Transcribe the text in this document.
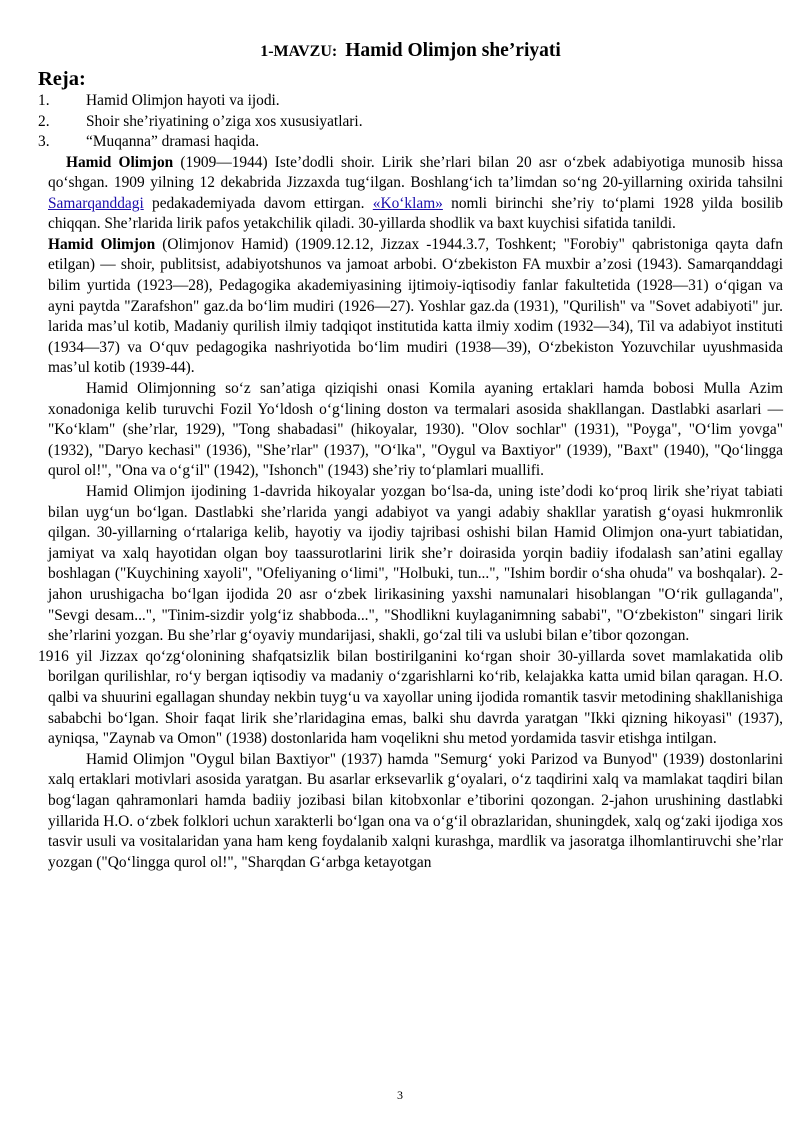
1-MAVZU: Hamid Olimjon she’riyati

Reja:

1.	Hamid Olimjon hayoti va ijodi.
2.	Shoir she’riyatining o’ziga xos xususiyatlari.
3.	“Muqanna” dramasi haqida.

Hamid Olimjon (1909—1944) Iste’dodli shoir. Lirik she’rlari bilan 20 asr o‘zbek adabiyotiga munosib hissa qo‘shgan. 1909 yilning 12 dekabrida Jizzaxda tug‘ilgan. Boshlang‘ich ta’limdan so‘ng 20-yillarning oxirida tahsilni Samarqanddagi pedakademiyada davom ettirgan. «Ko‘klam» nomli birinchi she’riy to‘plami 1928 yilda bosilib chiqqan. She’rlarida lirik pafos yetakchilik qiladi. 30-yillarda shodlik va baxt kuychisi sifatida tanildi.

Hamid Olimjon (Olimjonov Hamid) (1909.12.12, Jizzax -1944.3.7, Toshkent; "Forobiy" qabristoniga qayta dafn etilgan) — shoir, publitsist, adabiyotshunos va jamoat arbobi. O‘zbekiston FA muxbir a’zosi (1943). Samarqanddagi bilim yurtida (1923—28), Pedagogika akademiyasining ijtimoiy-iqtisodiy fanlar fakultetida (1928—31) o‘qigan va ayni paytda "Zarafshon" gaz.da bo‘lim mudiri (1926—27). Yoshlar gaz.da (1931), "Qurilish" va "Sovet adabiyoti" jur. larida mas’ul kotib, Madaniy qurilish ilmiy tadqiqot institutida katta ilmiy xodim (1932—34), Til va adabiyot instituti (1934—37) va O‘quv pedagogika nashriyotida bo‘lim mudiri (1938—39), O‘zbekiston Yozuvchilar uyushmasida mas’ul kotib (1939-44).

Hamid Olimjonning so‘z san’atiga qiziqishi onasi Komila ayaning ertaklari hamda bobosi Mulla Azim xonadoniga kelib turuvchi Fozil Yo‘ldosh o‘g‘lining doston va termalari asosida shakllangan. Dastlabki asarlari — "Ko‘klam" (she’rlar, 1929), "Tong shabadasi" (hikoyalar, 1930). "Olov sochlar" (1931), "Poyga", "O‘lim yovga" (1932), "Daryo kechasi" (1936), "She’rlar" (1937), "O‘lka", "Oygul va Baxtiyor" (1939), "Baxt" (1940), "Qo‘lingga qurol ol!", "Ona va o‘g‘il" (1942), "Ishonch" (1943) she’riy to‘plamlari muallifi.

Hamid Olimjon ijodining 1-davrida hikoyalar yozgan bo‘lsa-da, uning iste’dodi ko‘proq lirik she’riyat tabiati bilan uyg‘un bo‘lgan. Dastlabki she’rlarida yangi adabiyot va yangi adabiy shakllar yaratish g‘oyasi hukmronlik qilgan. 30-yillarning o‘rtalariga kelib, hayotiy va ijodiy tajribasi oshishi bilan Hamid Olimjon ona-yurt tabiatidan, jamiyat va xalq hayotidan olgan boy taassurotlarini lirik she’r doirasida yorqin badiiy ifodalash san’atini egallay boshlagan ("Kuychining xayoli", "Ofeliyaning o‘limi", "Holbuki, tun...", "Ishim bordir o‘sha ohuda" va boshqalar). 2-jahon urushigacha bo‘lgan ijodida 20 asr o‘zbek lirikasining yaxshi namunalari hisoblangan "O‘rik gullaganda", "Sevgi desam...", "Tinim-sizdir yolg‘iz shabboda...", "Shodlikni kuylaganimning sababi", "O‘zbekiston" singari lirik she’rlarini yozgan. Bu she’rlar g‘oyaviy mundarijasi, shakli, go‘zal tili va uslubi bilan e’tibor qozongan.

1916 yil Jizzax qo‘zg‘olonining shafqatsizlik bilan bostirilganini ko‘rgan shoir 30-yillarda sovet mamlakatida olib borilgan qurilishlar, ro‘y bergan iqtisodiy va madaniy o‘zgarishlarni ko‘rib, kelajakka katta umid bilan qaragan. H.O. qalbi va shuurini egallagan shunday nekbin tuyg‘u va xayollar uning ijodida romantik tasvir metodining shakllanishiga sababchi bo‘lgan. Shoir faqat lirik she’rlaridagina emas, balki shu davrda yaratgan "Ikki qizning hikoyasi" (1937), ayniqsa, "Zaynab va Omon" (1938) dostonlarida ham voqelikni shu metod yordamida tasvir etishga intilgan.

Hamid Olimjon "Oygul bilan Baxtiyor" (1937) hamda "Semurg‘ yoki Parizod va Bunyod" (1939) dostonlarini xalq ertaklari motivlari asosida yaratgan. Bu asarlar erksevarlik g‘oyalari, o‘z taqdirini xalq va mamlakat taqdiri bilan bog‘lagan qahramonlari hamda badiiy jozibasi bilan kitobxonlar e’tiborini qozongan. 2-jahon urushining dastlabki yillarida H.O. o‘zbek folklori uchun xarakterli bo‘lgan ona va o‘g‘il obrazlaridan, shuningdek, xalq og‘zaki ijodiga xos tasvir usuli va vositalaridan yana ham keng foydalanib xalqni kurashga, mardlik va jasoratga ilhomlantiruvchi she’rlar yozgan ("Qo‘lingga qurol ol!", "Sharqdan G‘arbga ketayotgan

3
